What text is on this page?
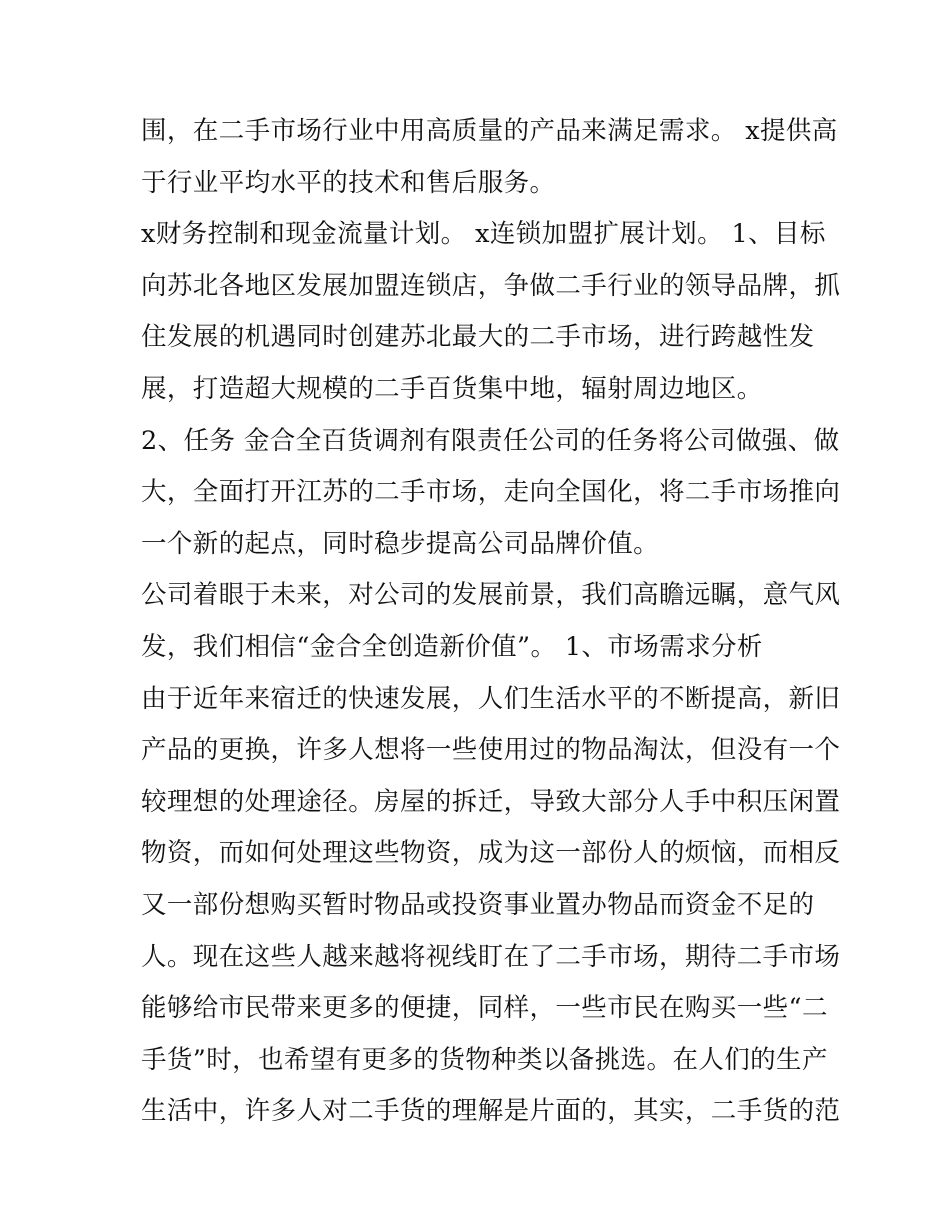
围，在二手市场行业中用高质量的产品来满足需求。 x提供高
于行业平均水平的技术和售后服务。
x财务控制和现金流量计划。 x连锁加盟扩展计划。 1、目标
向苏北各地区发展加盟连锁店，争做二手行业的领导品牌，抓
住发展的机遇同时创建苏北最大的二手市场，进行跨越性发
展，打造超大规模的二手百货集中地，辐射周边地区。
2、任务 金合全百货调剂有限责任公司的任务将公司做强、做
大，全面打开江苏的二手市场，走向全国化，将二手市场推向
一个新的起点，同时稳步提高公司品牌价值。
公司着眼于未来，对公司的发展前景，我们高瞻远瞩，意气风
发，我们相信“金合全创造新价值”。 1、市场需求分析
由于近年来宿迁的快速发展，人们生活水平的不断提高，新旧
产品的更换，许多人想将一些使用过的物品淘汰，但没有一个
较理想的处理途径。房屋的拆迁，导致大部分人手中积压闲置
物资，而如何处理这些物资，成为这一部份人的烦恼，而相反
又一部份想购买暂时物品或投资事业置办物品而资金不足的
人。现在这些人越来越将视线盯在了二手市场，期待二手市场
能够给市民带来更多的便捷，同样，一些市民在购买一些“二
手货”时，也希望有更多的货物种类以备挑选。在人们的生产
生活中，许多人对二手货的理解是片面的，其实，二手货的范
